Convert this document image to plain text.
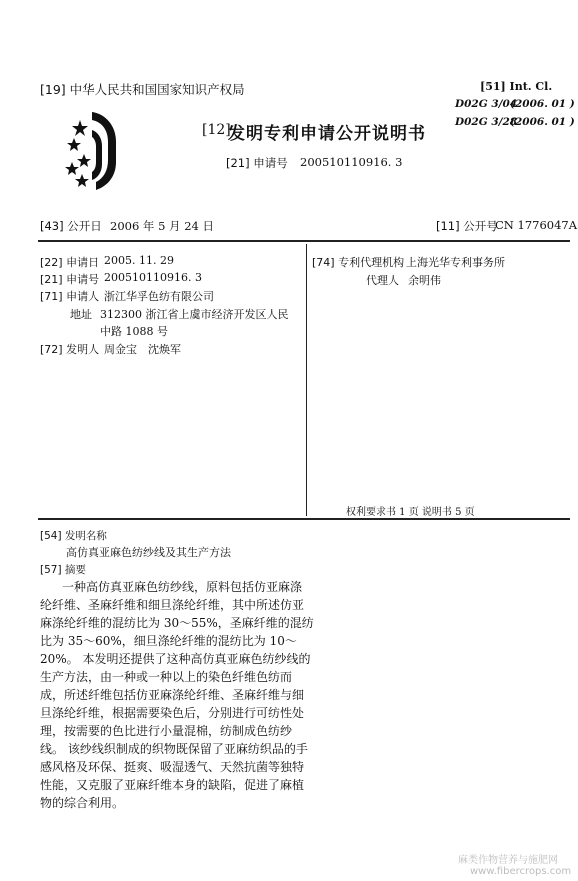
[19] 中华人民共和国国家知识产权局	[51] Int. Cl.
D02G 3/04
(2006. 01 )
D02G 3/28
(2006. 01 )
[12]
发明专利申请公开说明书
[21] 申请号 200510110916. 3
[43] 公开日 2006 年 5 月 24 日	[11] 公开号
CN 1776047A
[22] 申请日 2005. 11. 29
[21] 申请号 200510110916. 3
[71] 申请人 浙江华孚色纺有限公司
地址 312300 浙江省上虞市经济开发区人民
中路 1088 号
[72] 发明人 周金宝　沈焕军
[74] 专利代理机构 上海光华专利事务所
代理人 余明伟
权利要求书 1 页 说明书 5 页
[54] 发明名称
高仿真亚麻色纺纱线及其生产方法
[57] 摘要
一种高仿真亚麻色纺纱线，原料包括仿亚麻涤
纶纤维、圣麻纤维和细旦涤纶纤维，其中所述仿亚
麻涤纶纤维的混纺比为 30～55%，圣麻纤维的混纺
比为 35～60%，细旦涤纶纤维的混纺比为 10～
20%。 本发明还提供了这种高仿真亚麻色纺纱线的
生产方法，由一种或一种以上的染色纤维色纺而
成，所述纤维包括仿亚麻涤纶纤维、圣麻纤维与细
旦涤纶纤维，根据需要染色后，分别进行可纺性处
理，按需要的色比进行小量混棉，纺制成色纺纱
线。 该纱线织制成的织物既保留了亚麻纺织品的手
感风格及环保、挺爽、吸湿透气、天然抗菌等独特
性能，又克服了亚麻纤维本身的缺陷，促进了麻植
物的综合利用。
麻类作物营养与施肥网
www.fibercrops.com
